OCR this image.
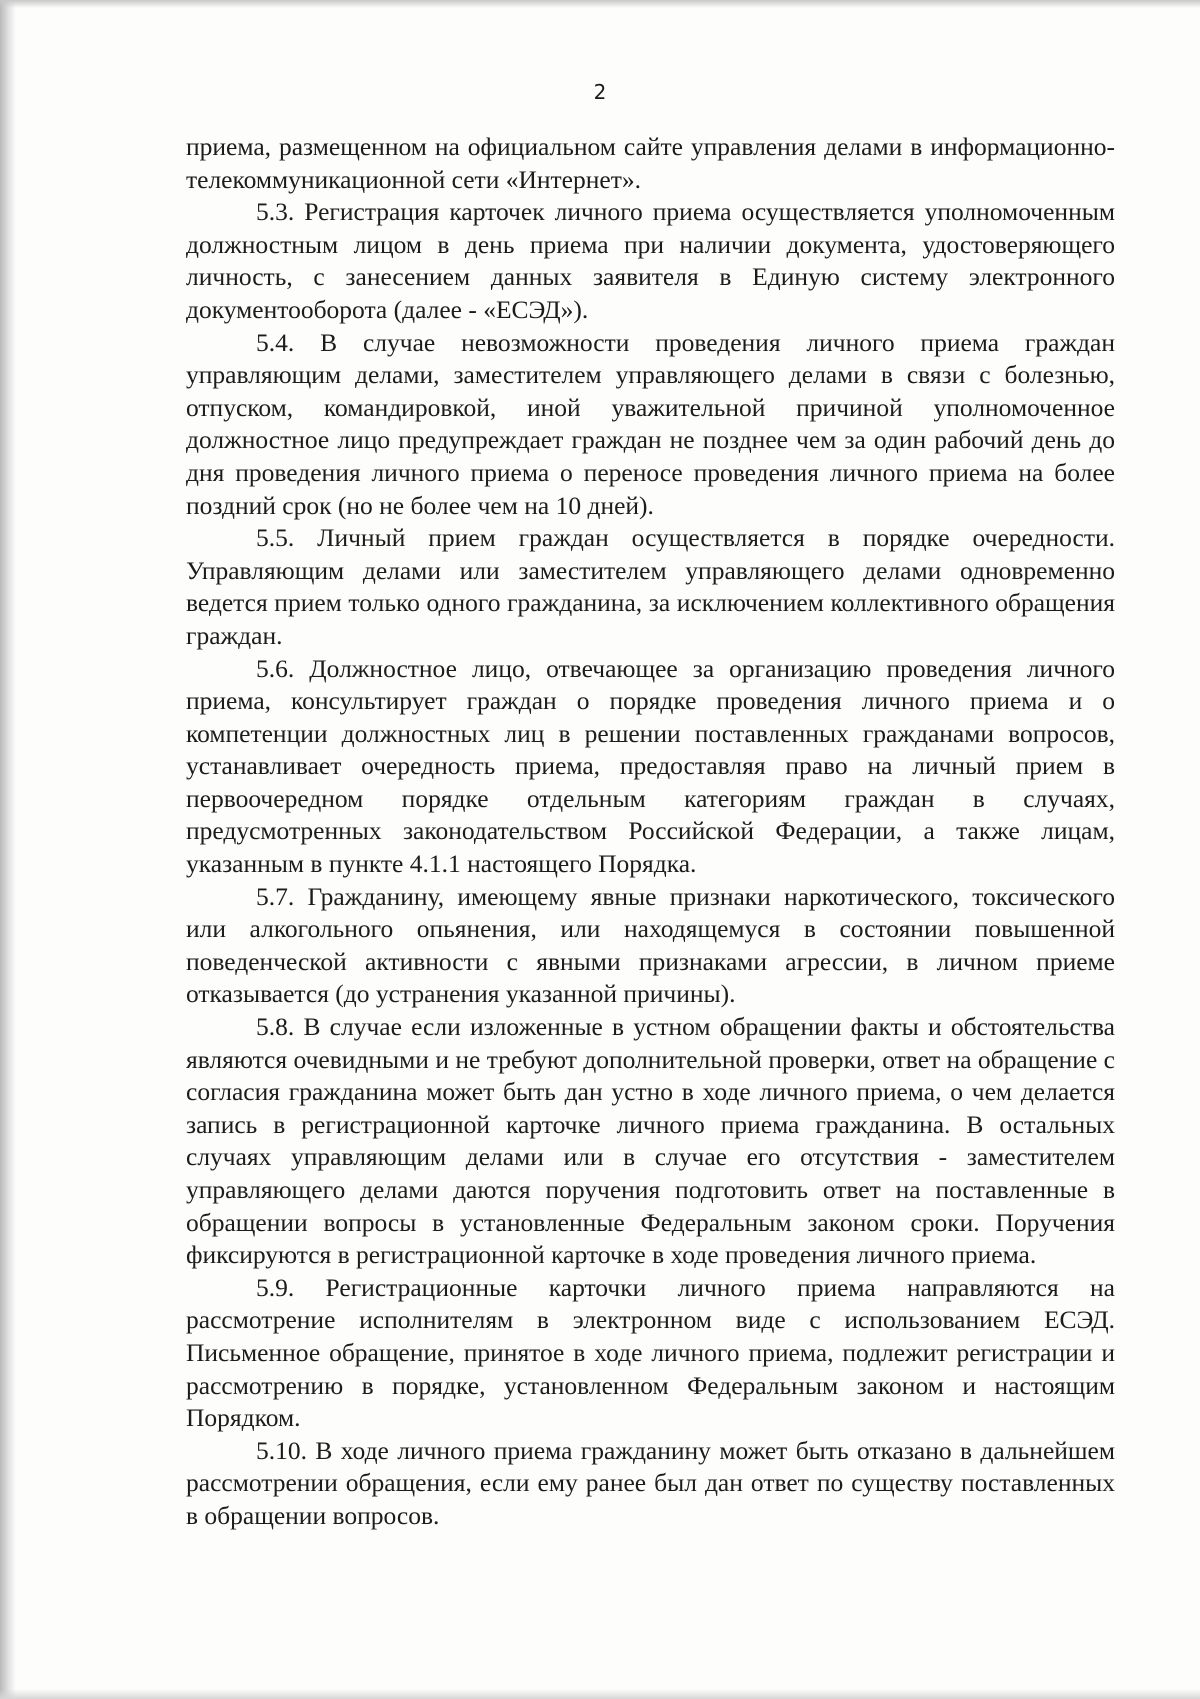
2

приема, размещенном на официальном сайте управления делами в информационно-телекоммуникационной сети «Интернет».

5.3. Регистрация карточек личного приема осуществляется уполномоченным должностным лицом в день приема при наличии документа, удостоверяющего личность, с занесением данных заявителя в Единую систему электронного документооборота (далее - «ЕСЭД»).

5.4. В случае невозможности проведения личного приема граждан управляющим делами, заместителем управляющего делами в связи с болезнью, отпуском, командировкой, иной уважительной причиной уполномоченное должностное лицо предупреждает граждан не позднее чем за один рабочий день до дня проведения личного приема о переносе проведения личного приема на более поздний срок (но не более чем на 10 дней).

5.5. Личный прием граждан осуществляется в порядке очередности. Управляющим делами или заместителем управляющего делами одновременно ведется прием только одного гражданина, за исключением коллективного обращения граждан.

5.6. Должностное лицо, отвечающее за организацию проведения личного приема, консультирует граждан о порядке проведения личного приема и о компетенции должностных лиц в решении поставленных гражданами вопросов, устанавливает очередность приема, предоставляя право на личный прием в первоочередном порядке отдельным категориям граждан в случаях, предусмотренных законодательством Российской Федерации, а также лицам, указанным в пункте 4.1.1 настоящего Порядка.

5.7. Гражданину, имеющему явные признаки наркотического, токсического или алкогольного опьянения, или находящемуся в состоянии повышенной поведенческой активности с явными признаками агрессии, в личном приеме отказывается (до устранения указанной причины).

5.8. В случае если изложенные в устном обращении факты и обстоятельства являются очевидными и не требуют дополнительной проверки, ответ на обращение с согласия гражданина может быть дан устно в ходе личного приема, о чем делается запись в регистрационной карточке личного приема гражданина. В остальных случаях управляющим делами или в случае его отсутствия - заместителем управляющего делами даются поручения подготовить ответ на поставленные в обращении вопросы в установленные Федеральным законом сроки. Поручения фиксируются в регистрационной карточке в ходе проведения личного приема.

5.9. Регистрационные карточки личного приема направляются на рассмотрение исполнителям в электронном виде с использованием ЕСЭД. Письменное обращение, принятое в ходе личного приема, подлежит регистрации и рассмотрению в порядке, установленном Федеральным законом и настоящим Порядком.

5.10. В ходе личного приема гражданину может быть отказано в дальнейшем рассмотрении обращения, если ему ранее был дан ответ по существу поставленных в обращении вопросов.
